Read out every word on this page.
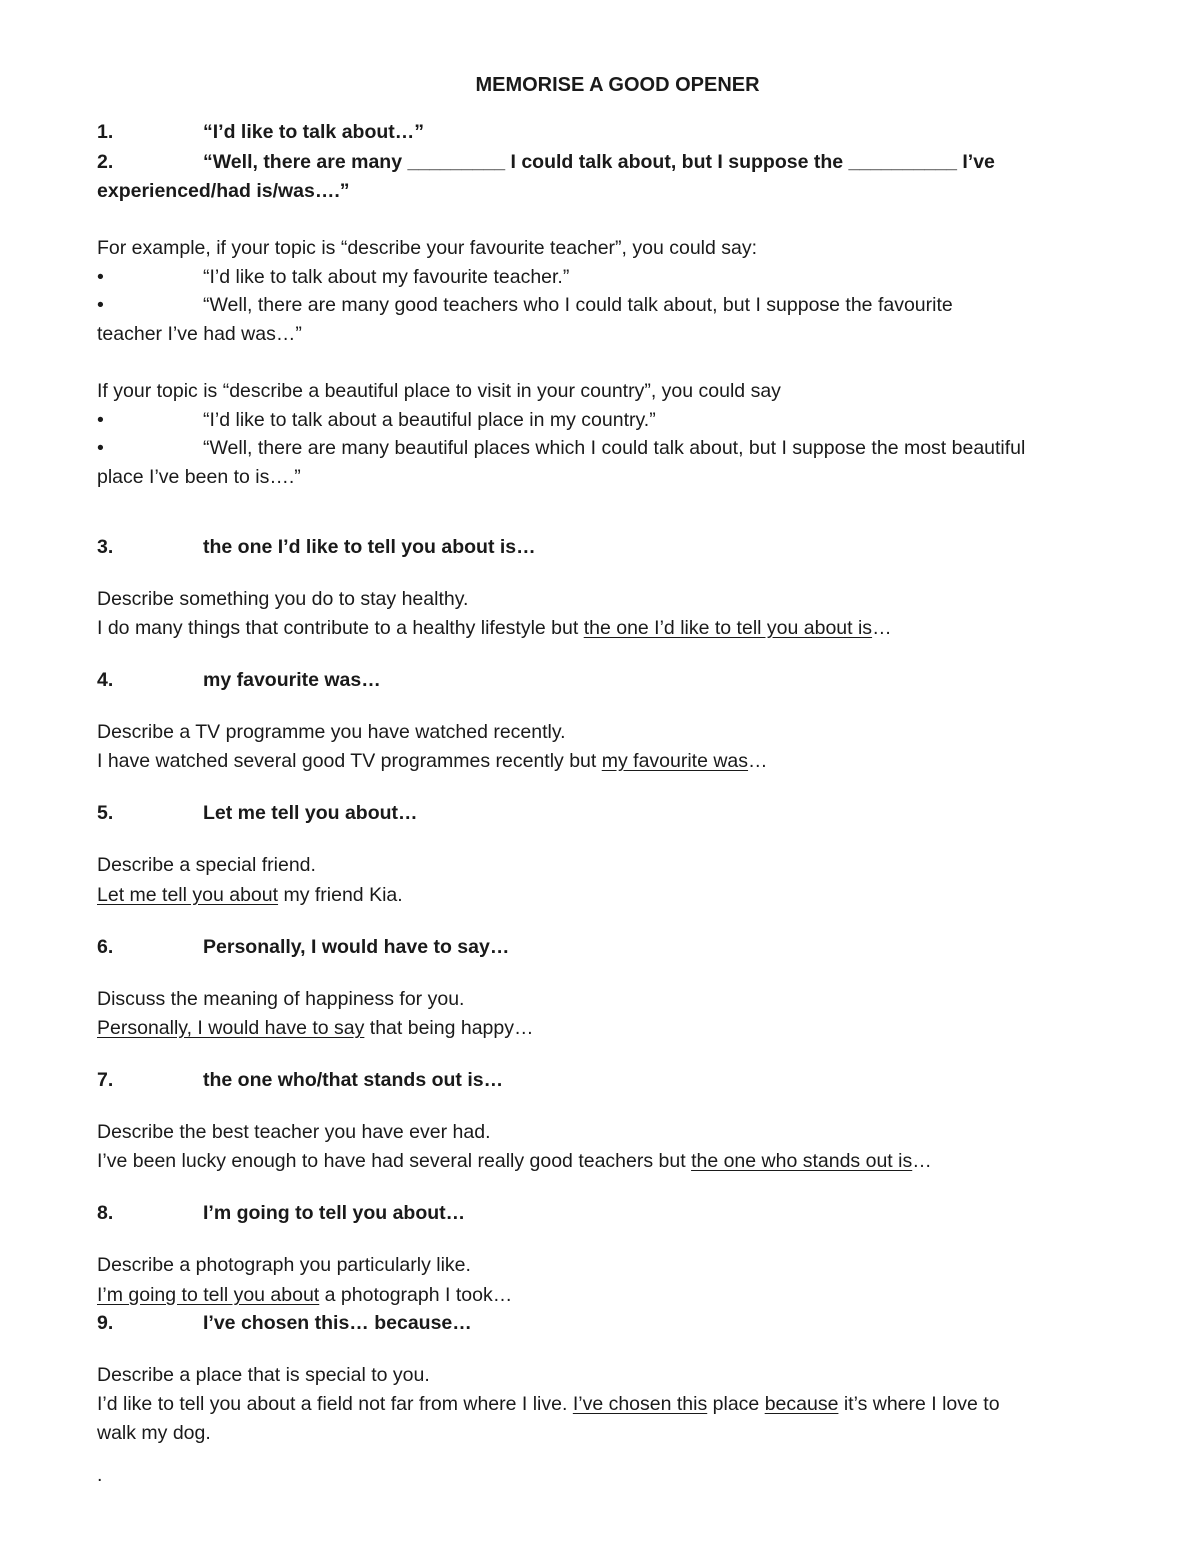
MEMORISE A GOOD OPENER
1.	“I’d like to talk about…”
2.	“Well, there are many _________ I could talk about, but I suppose the __________ I’ve
experienced/had is/was….”
For example, if your topic is “describe your favourite teacher”, you could say:
•	“I’d like to talk about my favourite teacher.”
•	“Well, there are many good teachers who I could talk about, but I suppose the favourite
teacher I’ve had was…”
If your topic is “describe a beautiful place to visit in your country”, you could say
•	“I’d like to talk about a beautiful place in my country.”
•	“Well, there are many beautiful places which I could talk about, but I suppose the most beautiful
place I’ve been to is….”
3.	the one I’d like to tell you about is…
Describe something you do to stay healthy.
I do many things that contribute to a healthy lifestyle but the one I’d like to tell you about is…
4.	my favourite was…
Describe a TV programme you have watched recently.
I have watched several good TV programmes recently but my favourite was…
5.	Let me tell you about…
Describe a special friend.
Let me tell you about my friend Kia.
6.	Personally, I would have to say…
Discuss the meaning of happiness for you.
Personally, I would have to say that being happy…
7.	the one who/that stands out is…
Describe the best teacher you have ever had.
I’ve been lucky enough to have had several really good teachers but the one who stands out is…
8.	I’m going to tell you about…
Describe a photograph you particularly like.
I’m going to tell you about a photograph I took…
9.	I’ve chosen this… because…
Describe a place that is special to you.
I’d like to tell you about a field not far from where I live. I’ve chosen this place because it’s where I love to
walk my dog.
.
